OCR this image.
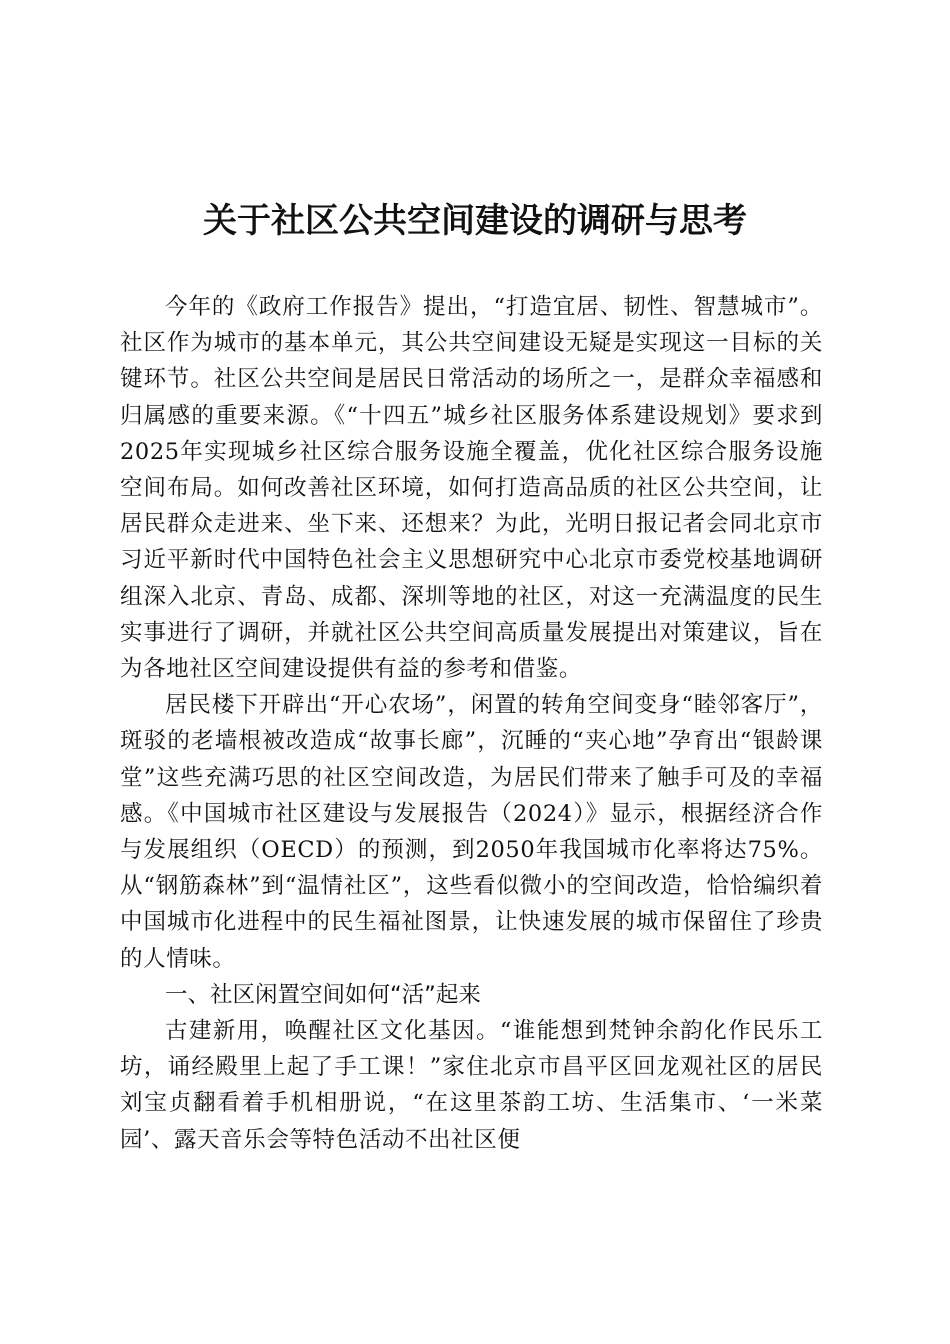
关于社区公共空间建设的调研与思考

今年的《政府工作报告》提出，“打造宜居、韧性、智慧城市”。社区作为城市的基本单元，其公共空间建设无疑是实现这一目标的关键环节。社区公共空间是居民日常活动的场所之一，是群众幸福感和归属感的重要来源。《“十四五”城乡社区服务体系建设规划》要求到2025年实现城乡社区综合服务设施全覆盖，优化社区综合服务设施空间布局。如何改善社区环境，如何打造高品质的社区公共空间，让居民群众走进来、坐下来、还想来？为此，光明日报记者会同北京市习近平新时代中国特色社会主义思想研究中心北京市委党校基地调研组深入北京、青岛、成都、深圳等地的社区，对这一充满温度的民生实事进行了调研，并就社区公共空间高质量发展提出对策建议，旨在为各地社区空间建设提供有益的参考和借鉴。

居民楼下开辟出“开心农场”，闲置的转角空间变身“睦邻客厅”，斑驳的老墙根被改造成“故事长廊”，沉睡的“夹心地”孕育出“银龄课堂”这些充满巧思的社区空间改造，为居民们带来了触手可及的幸福感。《中国城市社区建设与发展报告（2024）》显示，根据经济合作与发展组织（OECD）的预测，到2050年我国城市化率将达75%。从“钢筋森林”到“温情社区”，这些看似微小的空间改造，恰恰编织着中国城市化进程中的民生福祉图景，让快速发展的城市保留住了珍贵的人情味。

一、社区闲置空间如何“活”起来

古建新用，唤醒社区文化基因。“谁能想到梵钟余韵化作民乐工坊，诵经殿里上起了手工课！”家住北京市昌平区回龙观社区的居民刘宝贞翻看着手机相册说，“在这里茶韵工坊、生活集市、‘一米菜园’、露天音乐会等特色活动不出社区便
